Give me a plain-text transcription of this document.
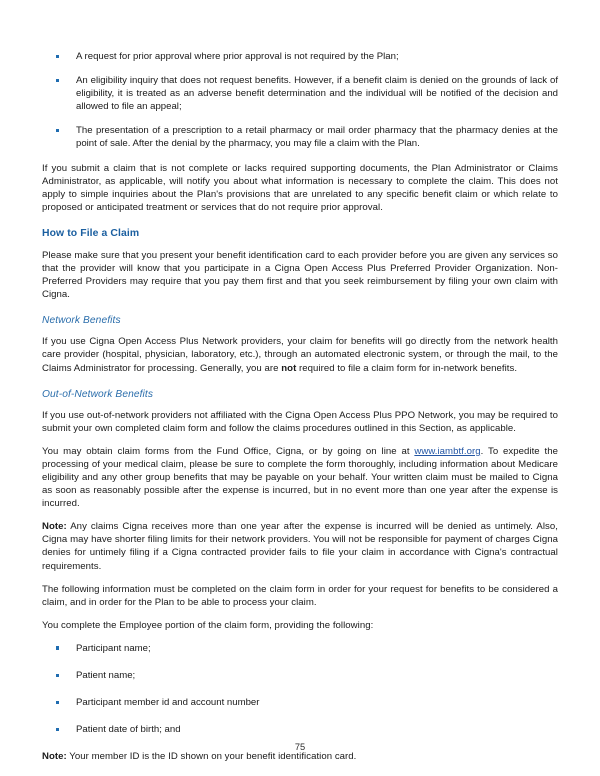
A request for prior approval where prior approval is not required by the Plan;
An eligibility inquiry that does not request benefits. However, if a benefit claim is denied on the grounds of lack of eligibility, it is treated as an adverse benefit determination and the individual will be notified of the decision and allowed to file an appeal;
The presentation of a prescription to a retail pharmacy or mail order pharmacy that the pharmacy denies at the point of sale. After the denial by the pharmacy, you may file a claim with the Plan.

If you submit a claim that is not complete or lacks required supporting documents, the Plan Administrator or Claims Administrator, as applicable, will notify you about what information is necessary to complete the claim. This does not apply to simple inquiries about the Plan's provisions that are unrelated to any specific benefit claim or which relate to proposed or anticipated treatment or services that do not require prior approval.

How to File a Claim

Please make sure that you present your benefit identification card to each provider before you are given any services so that the provider will know that you participate in a Cigna Open Access Plus Preferred Provider Organization. Non-Preferred Providers may require that you pay them first and that you seek reimbursement by filing your own claim with Cigna.

Network Benefits

If you use Cigna Open Access Plus Network providers, your claim for benefits will go directly from the network health care provider (hospital, physician, laboratory, etc.), through an automated electronic system, or through the mail, to the Claims Administrator for processing. Generally, you are not required to file a claim form for in-network benefits.

Out-of-Network Benefits

If you use out-of-network providers not affiliated with the Cigna Open Access Plus PPO Network, you may be required to submit your own completed claim form and follow the claims procedures outlined in this Section, as applicable.

You may obtain claim forms from the Fund Office, Cigna, or by going on line at www.iambtf.org. To expedite the processing of your medical claim, please be sure to complete the form thoroughly, including information about Medicare eligibility and any other group benefits that may be payable on your behalf. Your written claim must be mailed to Cigna as soon as reasonably possible after the expense is incurred, but in no event more than one year after the expense is incurred.

Note: Any claims Cigna receives more than one year after the expense is incurred will be denied as untimely. Also, Cigna may have shorter filing limits for their network providers. You will not be responsible for payment of charges Cigna denies for untimely filing if a Cigna contracted provider fails to file your claim in accordance with Cigna's contractual requirements.

The following information must be completed on the claim form in order for your request for benefits to be considered a claim, and in order for the Plan to be able to process your claim.

You complete the Employee portion of the claim form, providing the following:

Participant name;
Patient name;
Participant member id and account number
Patient date of birth; and

Note: Your member ID is the ID shown on your benefit identification card.

75
